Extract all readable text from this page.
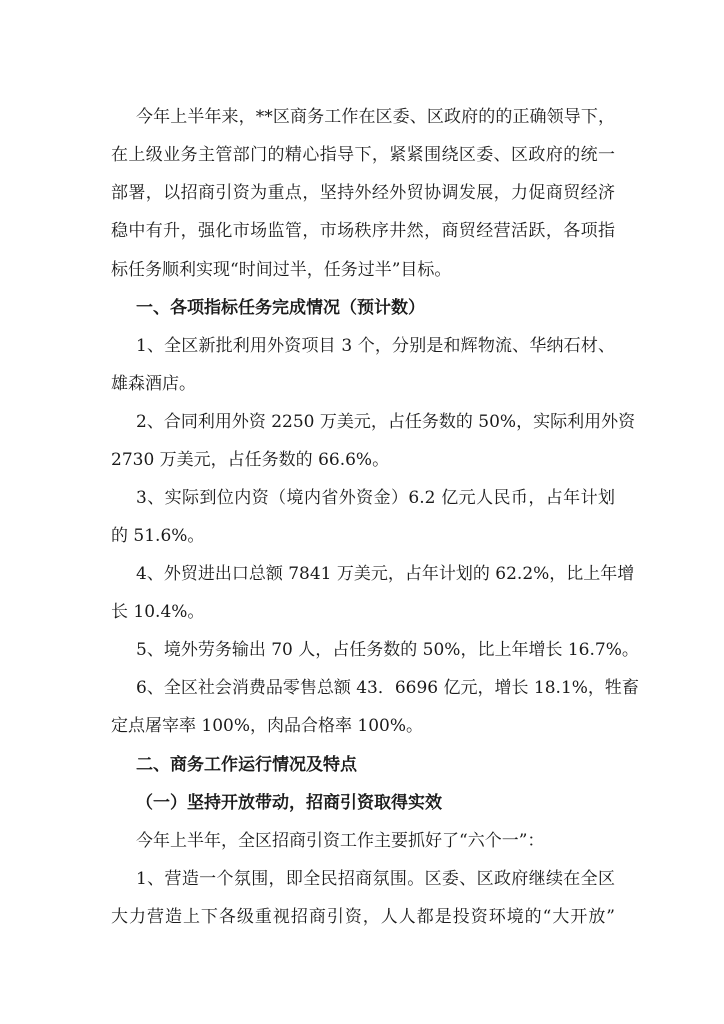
今年上半年来，**区商务工作在区委、区政府的的正确领导下，
在上级业务主管部门的精心指导下，紧紧围绕区委、区政府的统一
部署，以招商引资为重点，坚持外经外贸协调发展，力促商贸经济
稳中有升，强化市场监管，市场秩序井然，商贸经营活跃，各项指
标任务顺利实现“时间过半，任务过半”目标。
一、各项指标任务完成情况（预计数）
1、全区新批利用外资项目 3 个，分别是和辉物流、华纳石材、
雄森酒店。
2、合同利用外资 2250 万美元，占任务数的 50%，实际利用外资
2730 万美元，占任务数的 66.6%。
3、实际到位内资（境内省外资金）6.2 亿元人民币，占年计划
的 51.6%。
4、外贸进出口总额 7841 万美元，占年计划的 62.2%，比上年增
长 10.4%。
5、境外劳务输出 70 人，占任务数的 50%，比上年增长 16.7%。
6、全区社会消费品零售总额 43．6696 亿元，增长 18.1%，牲畜
定点屠宰率 100%，肉品合格率 100%。
二、商务工作运行情况及特点
（一）坚持开放带动，招商引资取得实效
今年上半年，全区招商引资工作主要抓好了“六个一”：
1、营造一个氛围，即全民招商氛围。区委、区政府继续在全区
大力营造上下各级重视招商引资，人人都是投资环境的“大开放”
